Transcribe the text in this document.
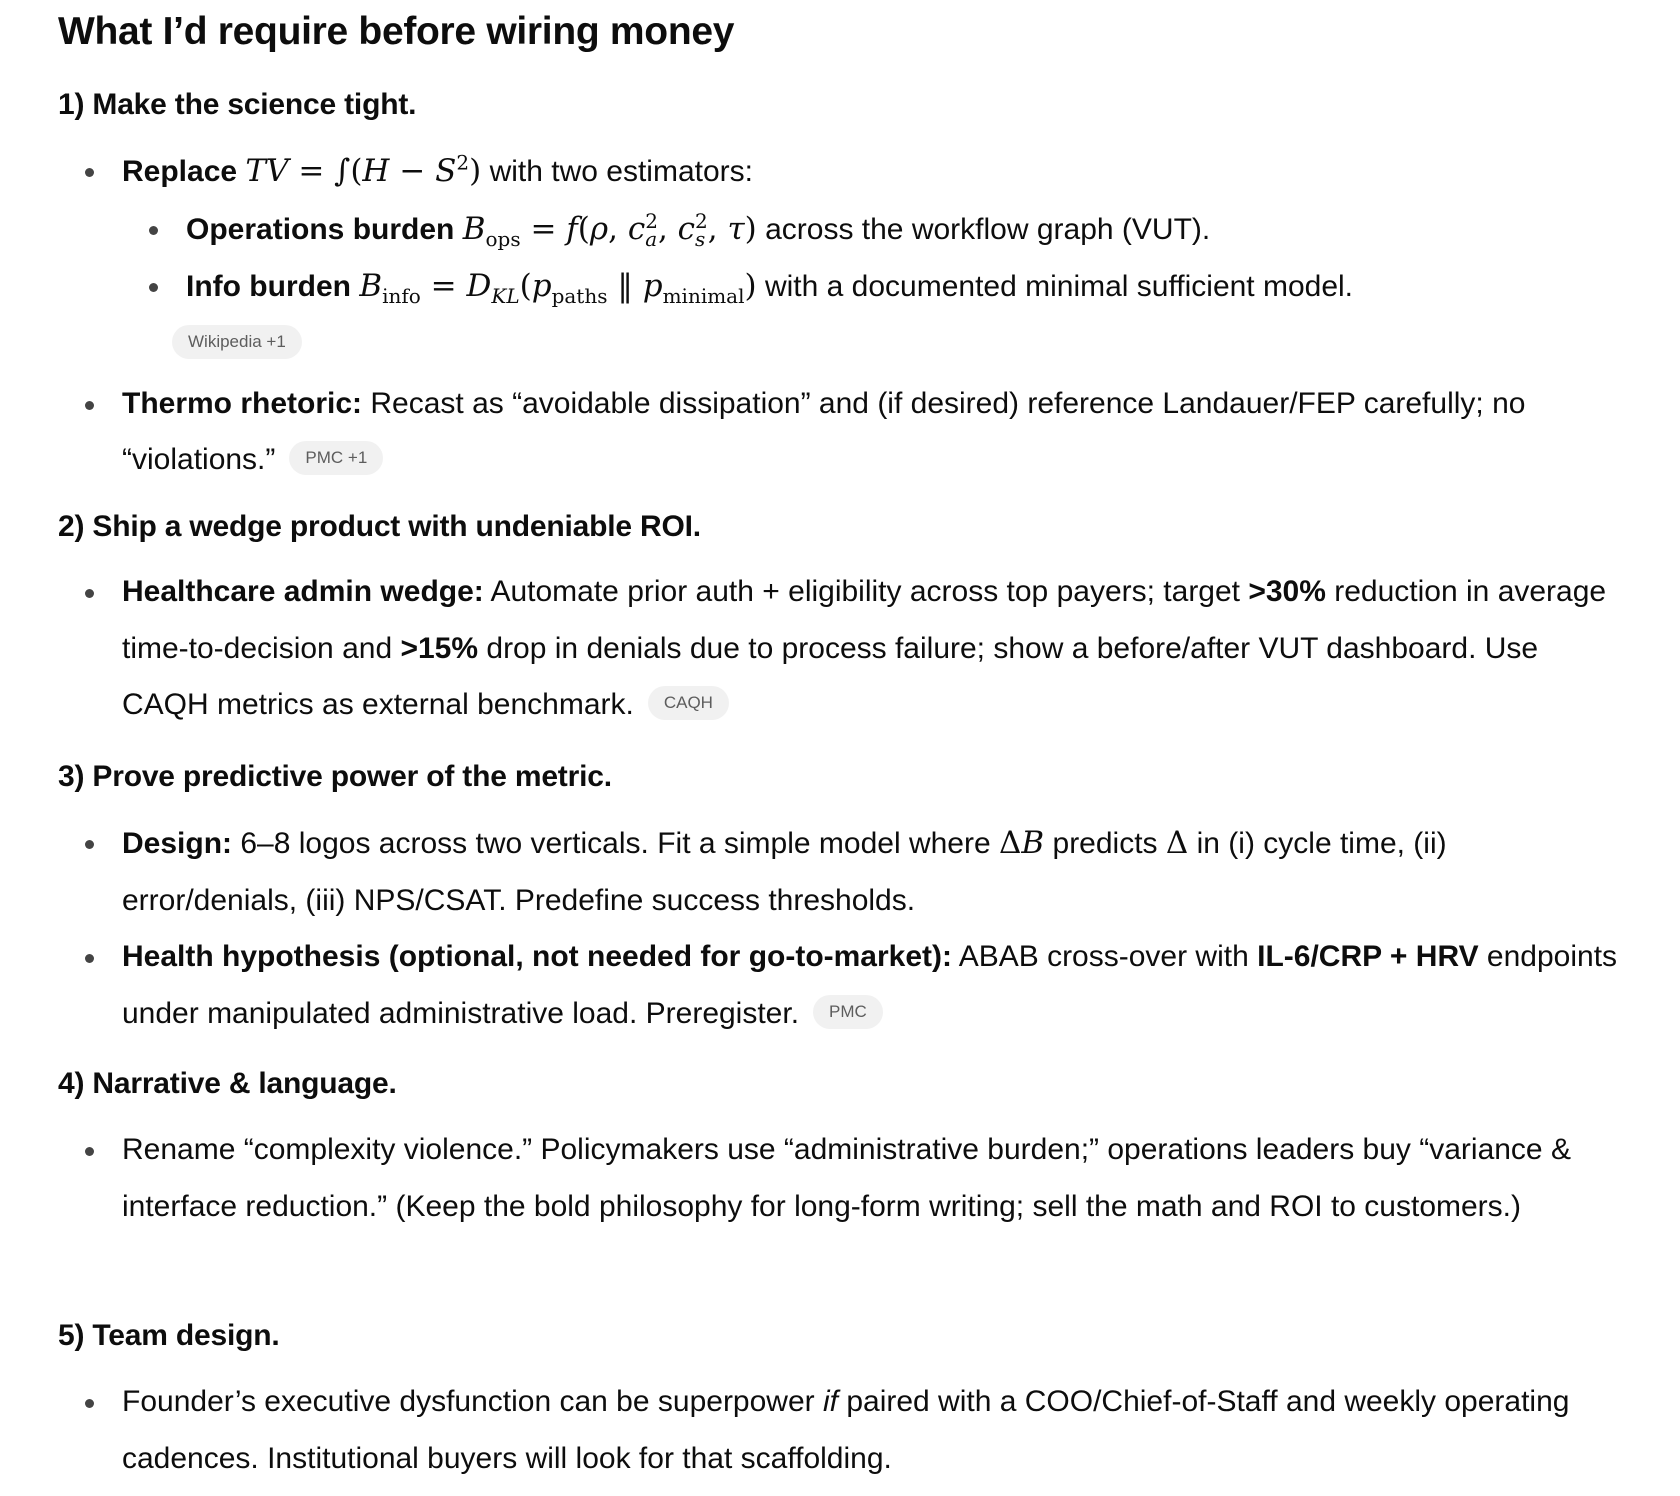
What I’d require before wiring money
1) Make the science tight.
Replace TV = $\int(H - S^2)$ with two estimators:
Operations burden $B_{ops} = f(\rho$, c 2
a , c 2
s , τ) across the workflow graph (VUT).
Info burden $B_{info} = D_{KL}(p_{paths}$ ‖ $p_{minimal}$) with a documented minimal sufficient model.
Wikipedia +1
Thermo rhetoric: Recast as “avoidable dissipation” and (if desired) reference Landauer/FEP carefully; no “violations.” PMC +1
2) Ship a wedge product with undeniable ROI.
Healthcare admin wedge: Automate prior auth + eligibility across top payers; target >30% reduction in average time-to-decision and >15% drop in denials due to process failure; show a before/after VUT dashboard. Use CAQH metrics as external benchmark. CAQH
3) Prove predictive power of the metric.
Design: 6–8 logos across two verticals. Fit a simple model where ΔB predicts Δ in (i) cycle time, (ii) error/denials, (iii) NPS/CSAT. Predefine success thresholds.
Health hypothesis (optional, not needed for go-to-market): ABAB cross-over with IL-6/CRP + HRV endpoints under manipulated administrative load. Preregister. PMC
4) Narrative & language.
Rename “complexity violence.” Policymakers use “administrative burden;” operations leaders buy “variance & interface reduction.” (Keep the bold philosophy for long-form writing; sell the math and ROI to customers.)
5) Team design.
Founder’s executive dysfunction can be superpower if paired with a COO/Chief-of-Staff and weekly operating cadences. Institutional buyers will look for that scaffolding.
